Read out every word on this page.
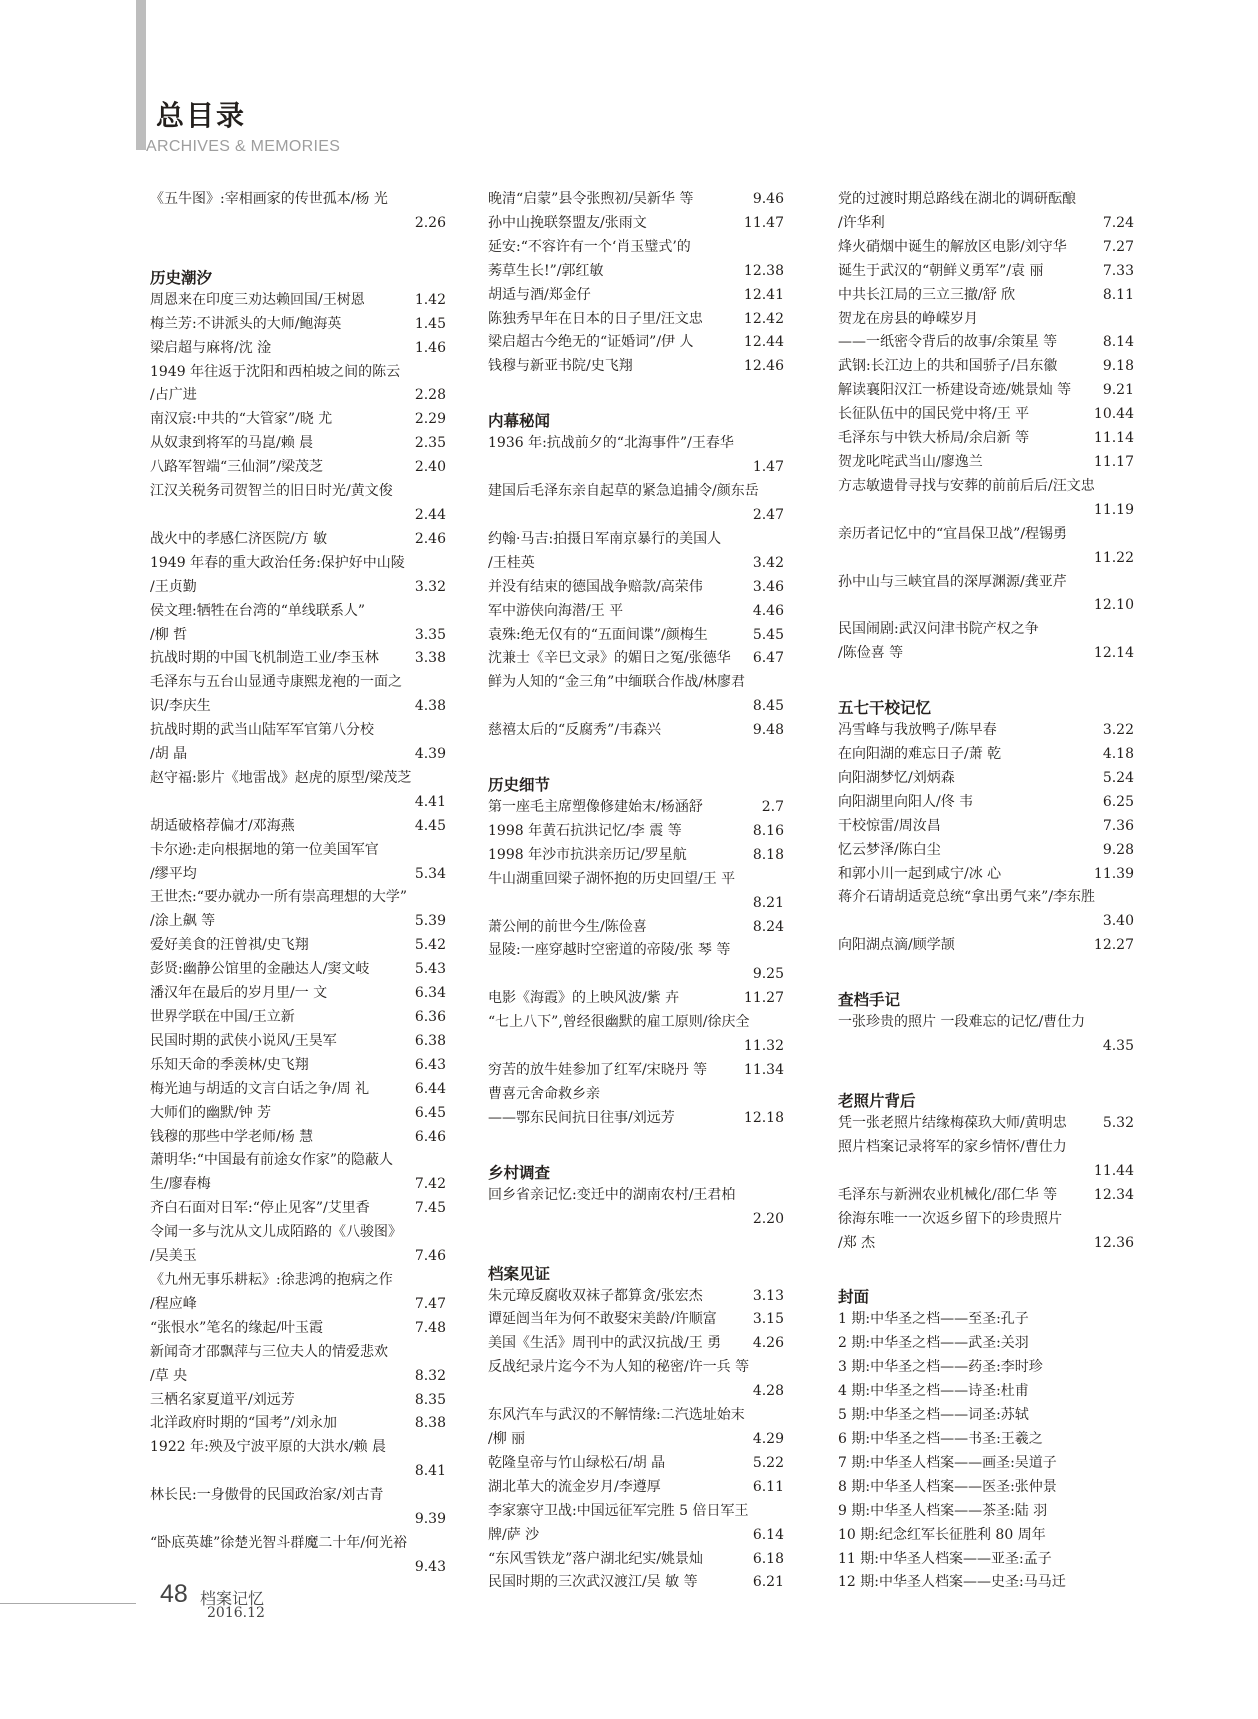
总目录
ARCHIVES & MEMORIES
《五牛图》:宰相画家的传世孤本/杨 光
2.26
历史潮汐
周恩来在印度三劝达赖回国/王树恩	1.42
梅兰芳:不讲派头的大师/鲍海英	1.45
梁启超与麻将/沈 淦	1.46
1949 年往返于沈阳和西柏坡之间的陈云
/占广进	2.28
南汉宸:中共的“大管家”/晓 尤	2.29
从奴隶到将军的马崑/赖 晨	2.35
八路军智端“三仙洞”/梁茂芝	2.40
江汉关税务司贺智兰的旧日时光/黄文俊
2.44
战火中的孝感仁济医院/方 敏	2.46
1949 年春的重大政治任务:保护好中山陵
/王贞勤	3.32
侯文理:牺牲在台湾的“单线联系人”
/柳 哲	3.35
抗战时期的中国飞机制造工业/李玉林	3.38
毛泽东与五台山显通寺康熙龙袍的一面之
识/李庆生	4.38
抗战时期的武当山陆军军官第八分校
/胡 晶	4.39
赵守福:影片《地雷战》赵虎的原型/梁茂芝
4.41
胡适破格荐偏才/邓海燕	4.45
卡尔逊:走向根据地的第一位美国军官
/缪平均	5.34
王世杰:“要办就办一所有崇高理想的大学”
/涂上飙 等	5.39
爱好美食的汪曾祺/史飞翔	5.42
彭贤:幽静公馆里的金融达人/窦文岐	5.43
潘汉年在最后的岁月里/一 文	6.34
世界学联在中国/王立新	6.36
民国时期的武侠小说风/王昊军	6.38
乐知天命的季羡林/史飞翔	6.43
梅光迪与胡适的文言白话之争/周 礼	6.44
大师们的幽默/钟 芳	6.45
钱穆的那些中学老师/杨 慧	6.46
萧明华:“中国最有前途女作家”的隐蔽人
生/廖春梅	7.42
齐白石面对日军:“停止见客”/艾里香	7.45
令闻一多与沈从文儿成陌路的《八骏图》
/吴美玉	7.46
《九州无事乐耕耘》:徐悲鸿的抱病之作
/程应峰	7.47
“张恨水”笔名的缘起/叶玉霞	7.48
新闻奇才邵飘萍与三位夫人的情爱悲欢
/草 央	8.32
三栖名家夏道平/刘远芳	8.35
北洋政府时期的“国考”/刘永加	8.38
1922 年:殃及宁波平原的大洪水/赖 晨
8.41
林长民:一身傲骨的民国政治家/刘古青
9.39
“卧底英雄”徐楚光智斗群魔二十年/何光裕
9.43
晚清“启蒙”县令张煦初/吴新华 等	9.46
孙中山挽联祭盟友/张雨文	11.47
延安:“不容许有一个‘肖玉璧式’的
莠草生长!”/郭红敏	12.38
胡适与酒/郑金仔	12.41
陈独秀早年在日本的日子里/汪文忠	12.42
梁启超古今绝无的“证婚词”/伊 人	12.44
钱穆与新亚书院/史飞翔	12.46
内幕秘闻
1936 年:抗战前夕的“北海事件”/王春华
1.47
建国后毛泽东亲自起草的紧急追捕令/颜东岳
2.47
约翰·马吉:拍摄日军南京暴行的美国人
/王桂英	3.42
并没有结束的德国战争赔款/高荣伟	3.46
军中游侠向海潜/王 平	4.46
袁殊:绝无仅有的“五面间谍”/颜梅生	5.45
沈兼士《辛巳文录》的媚日之冤/张德华	6.47
鲜为人知的“金三角”中缅联合作战/林廖君
8.45
慈禧太后的“反腐秀”/韦森兴	9.48
历史细节
第一座毛主席塑像修建始末/杨涵舒	2.7
1998 年黄石抗洪记忆/李 震 等	8.16
1998 年沙市抗洪亲历记/罗星航	8.18
牛山湖重回梁子湖怀抱的历史回望/王 平
8.21
萧公闸的前世今生/陈俭喜	8.24
显陵:一座穿越时空密道的帝陵/张 琴 等
9.25
电影《海霞》的上映风波/紫 卉	11.27
“七上八下”,曾经很幽默的雇工原则/徐庆全
11.32
穷苦的放牛娃参加了红军/宋晓丹 等	11.34
曹喜元舍命救乡亲
——鄂东民间抗日往事/刘远芳	12.18
乡村调查
回乡省亲记忆:变迁中的湖南农村/王君柏
2.20
档案见证
朱元璋反腐收双袜子都算贪/张宏杰	3.13
谭延闿当年为何不敢娶宋美龄/许顺富	3.15
美国《生活》周刊中的武汉抗战/王 勇	4.26
反战纪录片迄今不为人知的秘密/许一兵 等
4.28
东风汽车与武汉的不解情缘:二汽选址始末
/柳 丽	4.29
乾隆皇帝与竹山绿松石/胡 晶	5.22
湖北革大的流金岁月/李遵厚	6.11
李家寨守卫战:中国远征军完胜 5 倍日军王
牌/萨 沙	6.14
“东风雪铁龙”落户湖北纪实/姚景灿	6.18
民国时期的三次武汉渡江/吴 敏 等	6.21
党的过渡时期总路线在湖北的调研酝酿
/许华利	7.24
烽火硝烟中诞生的解放区电影/刘守华	7.27
诞生于武汉的“朝鲜义勇军”/袁 丽	7.33
中共长江局的三立三撤/舒 欣	8.11
贺龙在房县的峥嵘岁月
——一纸密令背后的故事/余策星 等	8.14
武钢:长江边上的共和国骄子/吕东徽	9.18
解读襄阳汉江一桥建设奇迹/姚景灿 等	9.21
长征队伍中的国民党中将/王 平	10.44
毛泽东与中铁大桥局/余启新 等	11.14
贺龙叱咤武当山/廖逸兰	11.17
方志敏遗骨寻找与安葬的前前后后/汪文忠
11.19
亲历者记忆中的“宜昌保卫战”/程锡勇
11.22
孙中山与三峡宜昌的深厚渊源/龚亚芹
12.10
民国闹剧:武汉问津书院产权之争
/陈俭喜 等	12.14
五七干校记忆
冯雪峰与我放鸭子/陈早春	3.22
在向阳湖的难忘日子/萧 乾	4.18
向阳湖梦忆/刘炳森	5.24
向阳湖里向阳人/佟 韦	6.25
干校惊雷/周汝昌	7.36
忆云梦泽/陈白尘	9.28
和郭小川一起到咸宁/冰 心	11.39
蒋介石请胡适竞总统“拿出勇气来”/李东胜
3.40
向阳湖点滴/顾学颉	12.27
查档手记
一张珍贵的照片 一段难忘的记忆/曹仕力
4.35
老照片背后
凭一张老照片结缘梅葆玖大师/黄明忠	5.32
照片档案记录将军的家乡情怀/曹仕力
11.44
毛泽东与新洲农业机械化/邵仁华 等	12.34
徐海东唯一一次返乡留下的珍贵照片
/郑 杰	12.36
封面
1 期:中华圣之档——至圣:孔子
2 期:中华圣之档——武圣:关羽
3 期:中华圣之档——药圣:李时珍
4 期:中华圣之档——诗圣:杜甫
5 期:中华圣之档——词圣:苏轼
6 期:中华圣之档——书圣:王羲之
7 期:中华圣人档案——画圣:吴道子
8 期:中华圣人档案——医圣:张仲景
9 期:中华圣人档案——茶圣:陆 羽
10 期:纪念红军长征胜利 80 周年
11 期:中华圣人档案——亚圣:孟子
12 期:中华圣人档案——史圣:马马迁
48 档案记忆
2016.12
